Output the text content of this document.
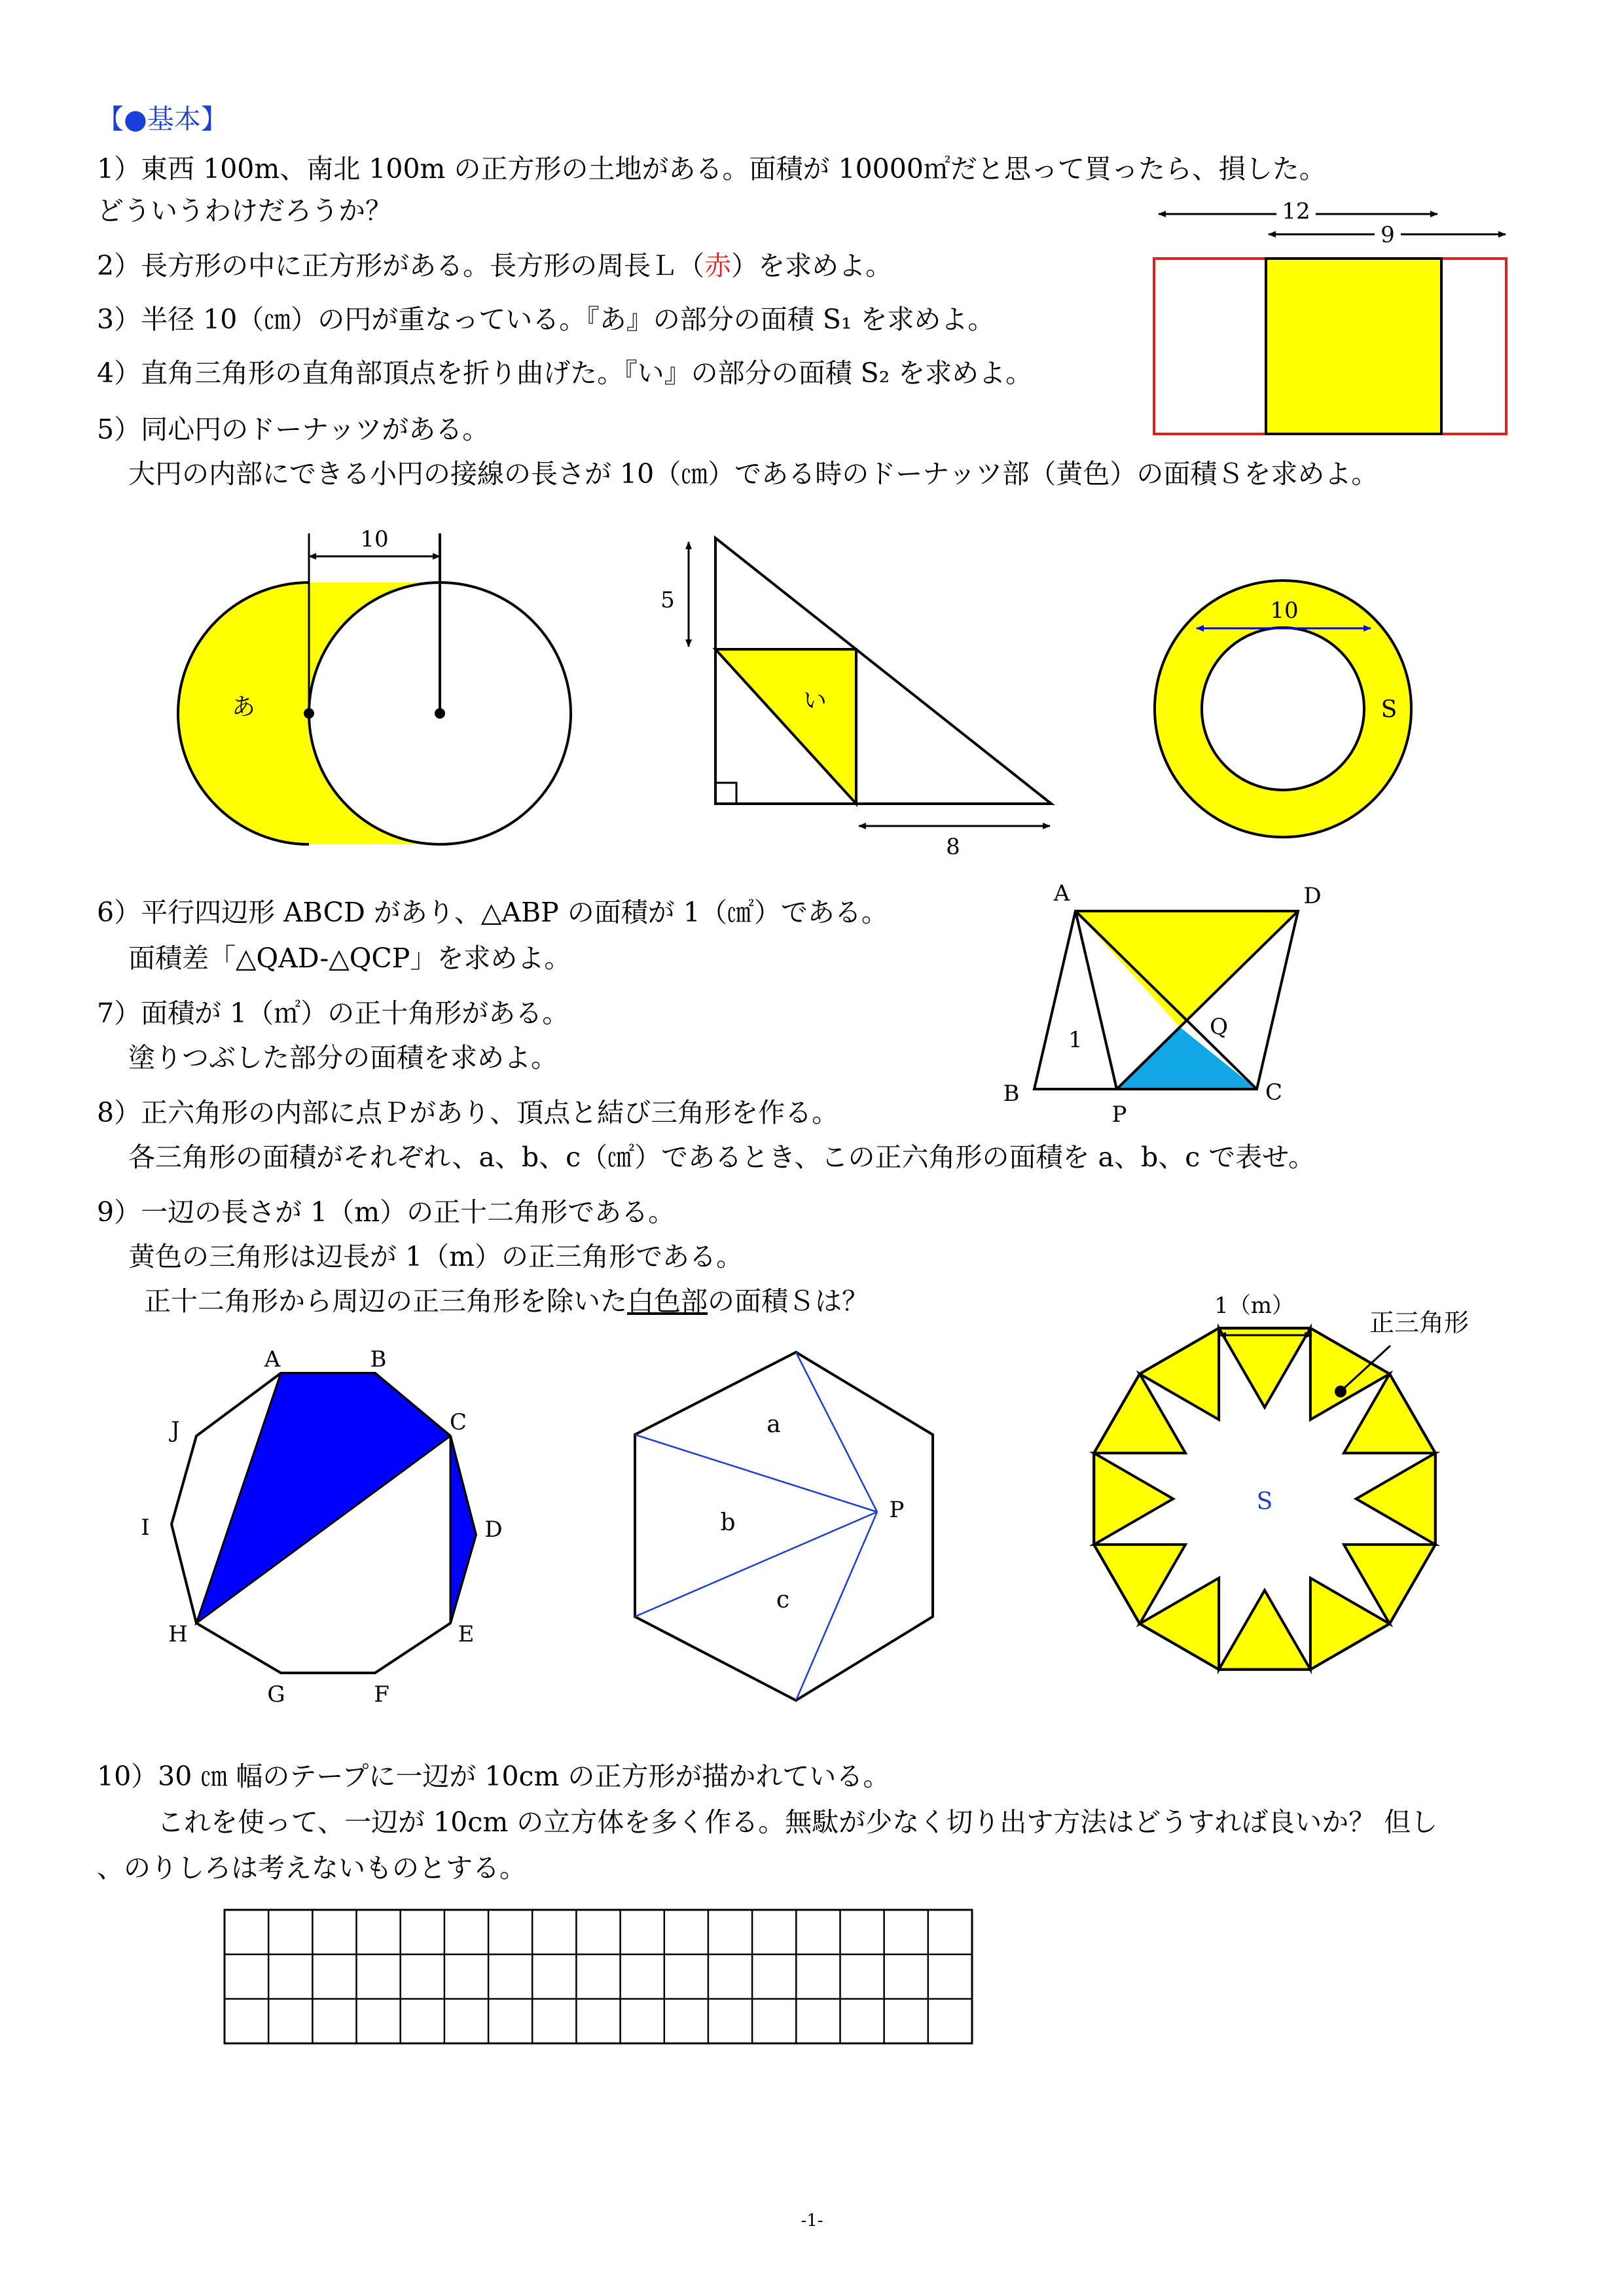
【●基本】
1）東西 100m、南北 100m の正方形の土地がある。面積が 10000㎡だと思って買ったら、損した。
どういうわけだろうか？
2）長方形の中に正方形がある。長方形の周長Ｌ（赤）を求めよ。
3）半径 10（㎝）の円が重なっている。『あ』の部分の面積 S₁ を求めよ。
4）直角三角形の直角部頂点を折り曲げた。『い』の部分の面積 S₂ を求めよ。
5）同心円のドーナッツがある。
大円の内部にできる小円の接線の長さが 10（㎝）である時のドーナッツ部（黄色）の面積Ｓを求めよ。
6）平行四辺形 ABCD があり、△ABP の面積が 1（㎠）である。
面積差「△QAD-△QCP」を求めよ。
7）面積が 1（㎡）の正十角形がある。
塗りつぶした部分の面積を求めよ。
8）正六角形の内部に点Ｐがあり、頂点と結び三角形を作る。
各三角形の面積がそれぞれ、a、b、c（㎠）であるとき、この正六角形の面積を a、b、c で表せ。
9）一辺の長さが 1（m）の正十二角形である。
黄色の三角形は辺長が 1（m）の正三角形である。
正十二角形から周辺の正三角形を除いた白色部の面積Ｓは？
10）30 ㎝ 幅のテープに一辺が 10cm の正方形が描かれている。
これを使って、一辺が 10cm の立方体を多く作る。無駄が少なく切り出す方法はどうすれば良いか？ 但し
、のりしろは考えないものとする。
-1-
12
9
10
あ
5
8
い
10
S
A	D
B	C
P
Q
1
A	B
C
D
E
F
G
H
I
J	a
b
c
P
1（m）
正三角形
S
